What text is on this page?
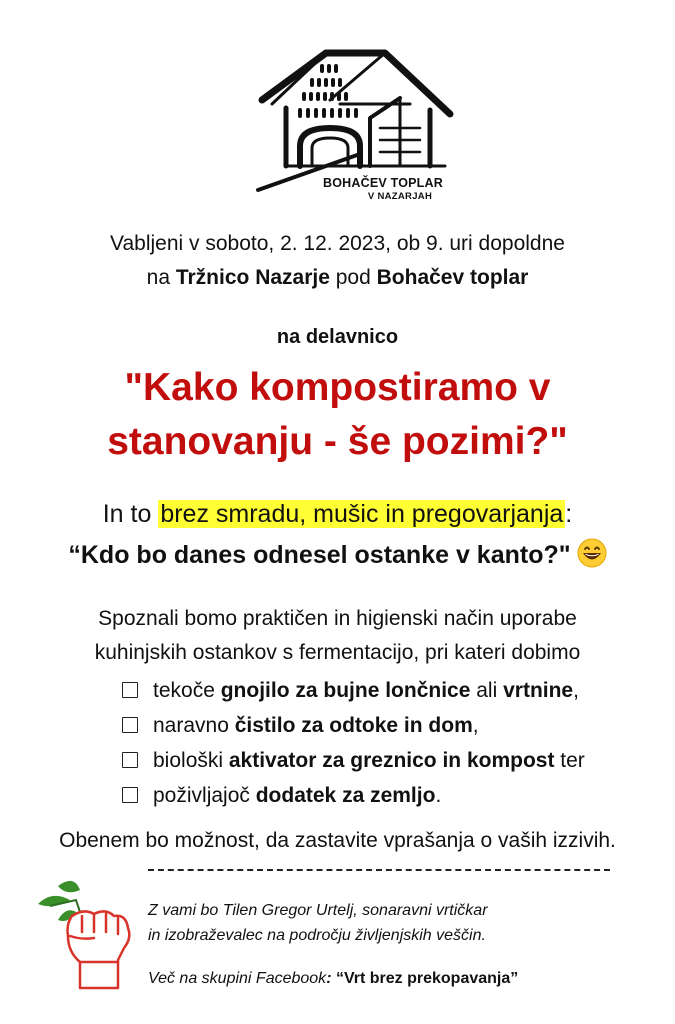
BOHAČEV TOPLAR
V NAZARJAH
Vabljeni v soboto, 2. 12. 2023, ob 9. uri dopoldne
na Tržnico Nazarje pod Bohačev toplar
na delavnico
"Kako kompostiramo v
stanovanju - še pozimi?"
In to brez smradu, mušic in pregovarjanja:
“Kdo bo danes odnesel ostanke v kanto?"
Spoznali bomo praktičen in higienski način uporabe
kuhinjskih ostankov s fermentacijo, pri kateri dobimo
tekoče gnojilo za bujne lončnice ali vrtnine,
naravno čistilo za odtoke in dom,
biološki aktivator za greznico in kompost ter
poživljajoč dodatek za zemljo.
Obenem bo možnost, da zastavite vprašanja o vaših izzivih.
Z vami bo Tilen Gregor Urtelj, sonaravni vrtičkar
in izobraževalec na področju življenjskih veščin.
Več na skupini Facebook: “Vrt brez prekopavanja”
